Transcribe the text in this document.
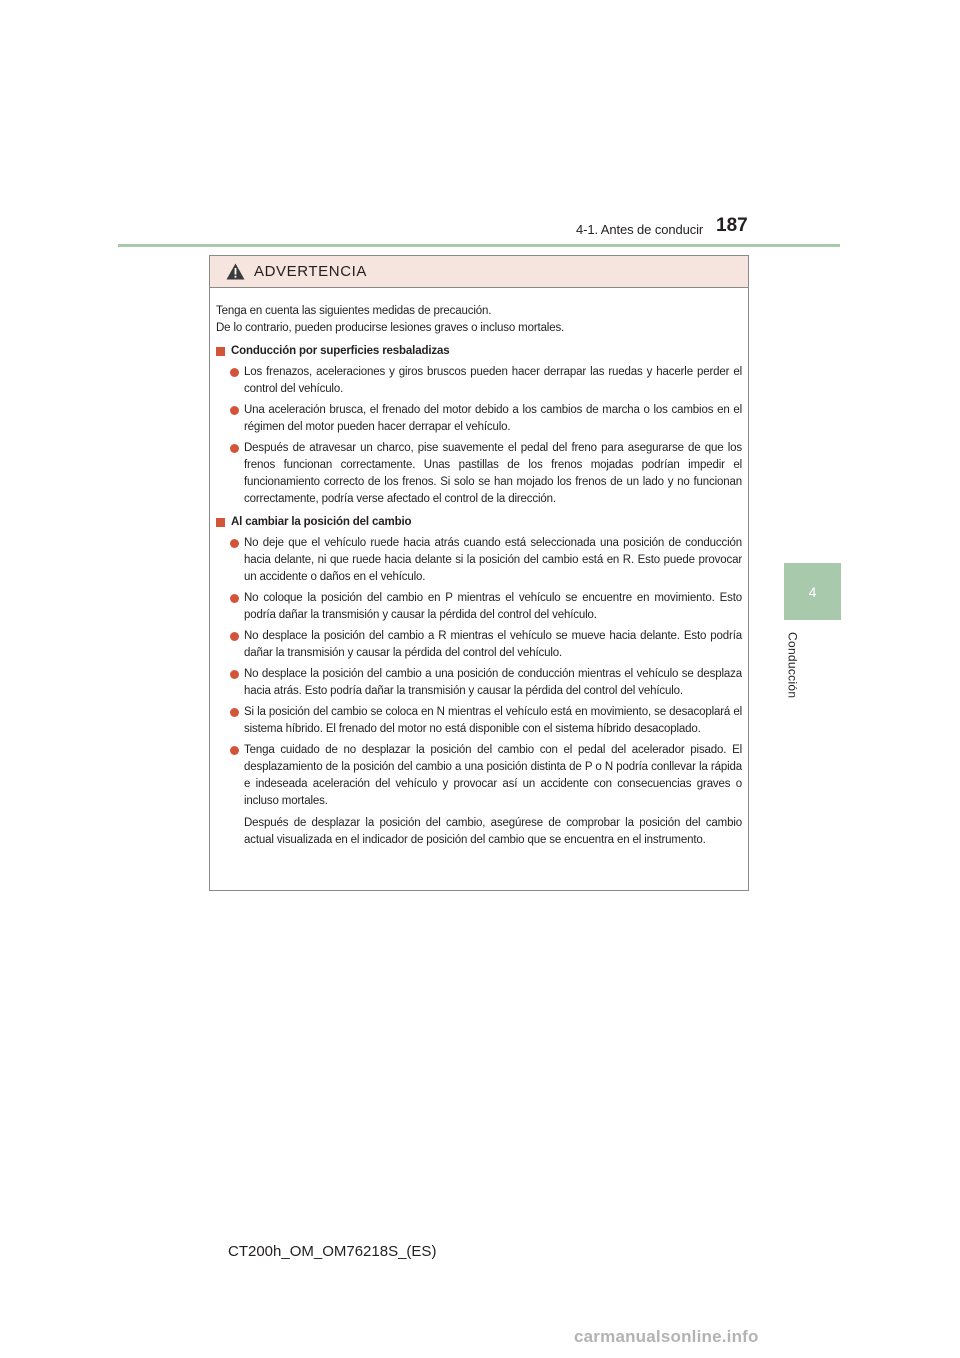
4-1. Antes de conducir 187
4
Conducción
ADVERTENCIA

Tenga en cuenta las siguientes medidas de precaución.

De lo contrario, pueden producirse lesiones graves o incluso mortales.

Conducción por superficies resbaladizas
Los frenazos, aceleraciones y giros bruscos pueden hacer derrapar las ruedas y hacerle perder el control del vehículo.
Una aceleración brusca, el frenado del motor debido a los cambios de marcha o los cambios en el régimen del motor pueden hacer derrapar el vehículo.
Después de atravesar un charco, pise suavemente el pedal del freno para asegurarse de que los frenos funcionan correctamente. Unas pastillas de los frenos mojadas podrían impedir el funcionamiento correcto de los frenos. Si solo se han mojado los frenos de un lado y no funcionan correctamente, podría verse afectado el control de la dirección.
Al cambiar la posición del cambio
No deje que el vehículo ruede hacia atrás cuando está seleccionada una posición de conducción hacia delante, ni que ruede hacia delante si la posición del cambio está en R. Esto puede provocar un accidente o daños en el vehículo.
No coloque la posición del cambio en P mientras el vehículo se encuentre en movimiento. Esto podría dañar la transmisión y causar la pérdida del control del vehículo.
No desplace la posición del cambio a R mientras el vehículo se mueve hacia delante. Esto podría dañar la transmisión y causar la pérdida del control del vehículo.
No desplace la posición del cambio a una posición de conducción mientras el vehículo se desplaza hacia atrás. Esto podría dañar la transmisión y causar la pérdida del control del vehículo.
Si la posición del cambio se coloca en N mientras el vehículo está en movimiento, se desacoplará el sistema híbrido. El frenado del motor no está disponible con el sistema híbrido desacoplado.
Tenga cuidado de no desplazar la posición del cambio con el pedal del acelerador pisado. El desplazamiento de la posición del cambio a una posición distinta de P o N podría conllevar la rápida e indeseada aceleración del vehículo y provocar así un accidente con consecuencias graves o incluso mortales.
Después de desplazar la posición del cambio, asegúrese de comprobar la posición del cambio actual visualizada en el indicador de posición del cambio que se encuentra en el instrumento.
CT200h_OM_OM76218S_(ES)
carmanualsonline.info
